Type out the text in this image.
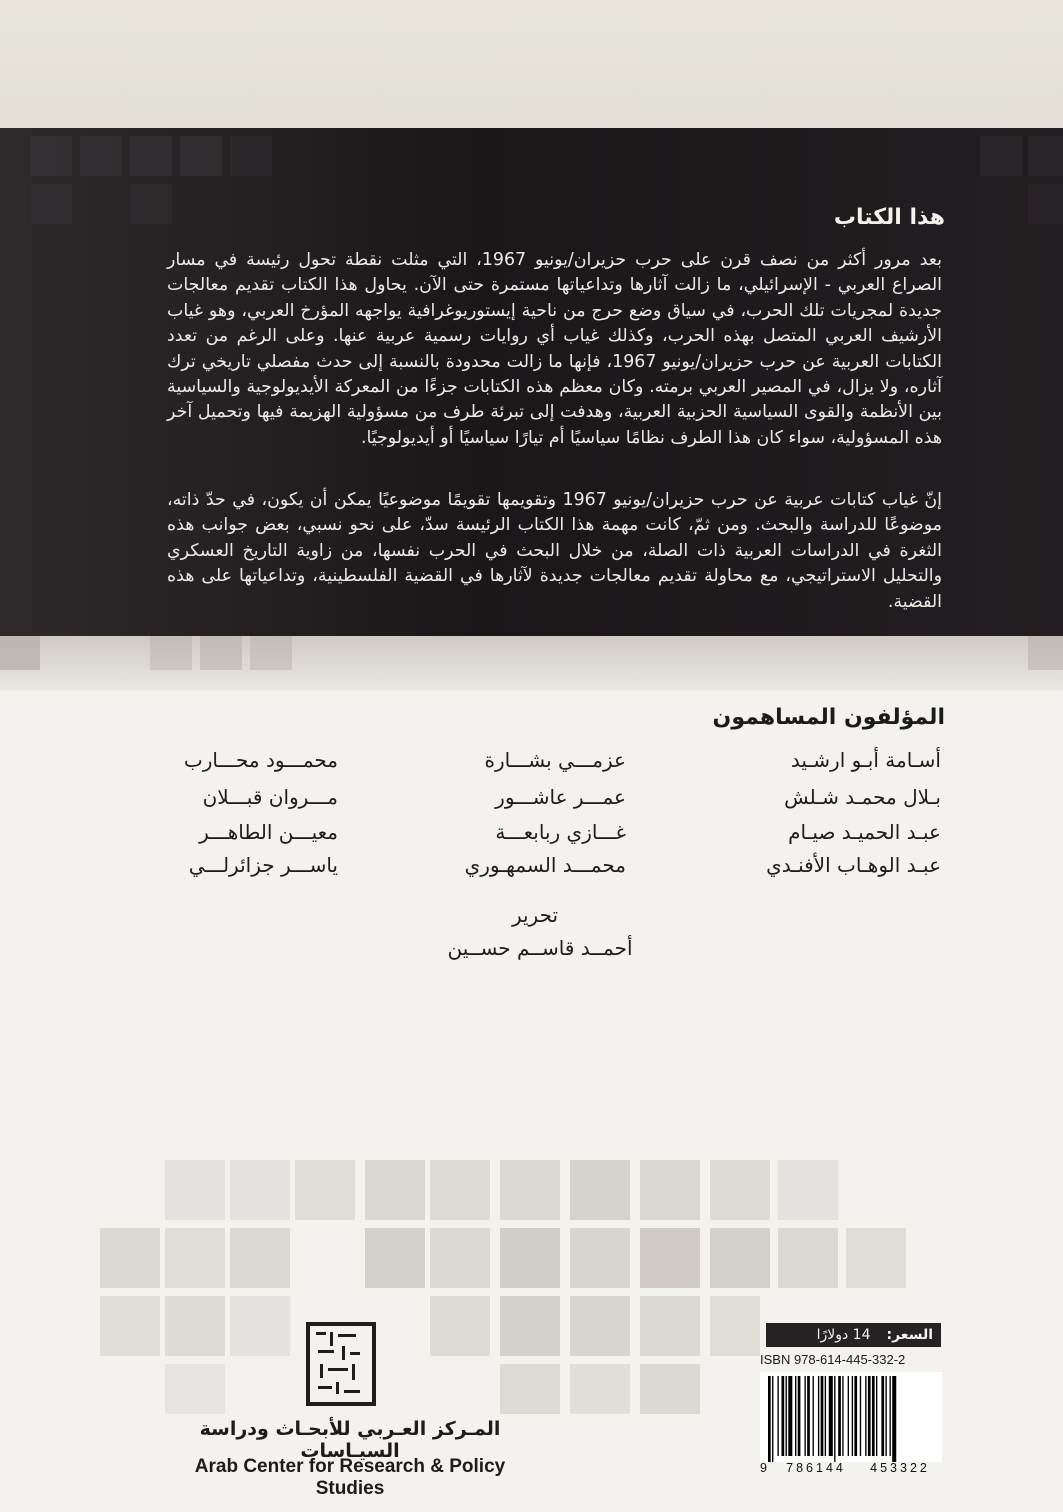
هذا الكتاب
بعد مرور أكثر من نصف قرن على حرب حزيران/يونيو 1967، التي مثلت نقطة تحول رئيسة في مسار الصراع العربي - الإسرائيلي، ما زالت آثارها وتداعياتها مستمرة حتى الآن. يحاول هذا الكتاب تقديم معالجات جديدة لمجريات تلك الحرب، في سياق وضع حرج من ناحية إيستوريوغرافية يواجهه المؤرخ العربي، وهو غياب الأرشيف العربي المتصل بهذه الحرب، وكذلك غياب أي روايات رسمية عربية عنها. وعلى الرغم من تعدد الكتابات العربية عن حرب حزيران/يونيو 1967، فإنها ما زالت محدودة بالنسبة إلى حدث مفصلي تاريخي ترك آثاره، ولا يزال، في المصير العربي برمته. وكان معظم هذه الكتابات جزءًا من المعركة الأيديولوجية والسياسية بين الأنظمة والقوى السياسية الحزبية العربية، وهدفت إلى تبرئة طرف من مسؤولية الهزيمة فيها وتحميل آخر هذه المسؤولية، سواء كان هذا الطرف نظامًا سياسيًا أم تيارًا سياسيًا أو أيديولوجيًا.
إنّ غياب كتابات عربية عن حرب حزيران/يونيو 1967 وتقويمها تقويمًا موضوعيًا يمكن أن يكون، في حدّ ذاته، موضوعًا للدراسة والبحث. ومن ثمّ، كانت مهمة هذا الكتاب الرئيسة سدّ، على نحو نسبي، بعض جوانب هذه الثغرة في الدراسات العربية ذات الصلة، من خلال البحث في الحرب نفسها، من زاوية التاريخ العسكري والتحليل الاستراتيجي، مع محاولة تقديم معالجات جديدة لآثارها في القضية الفلسطينية، وتداعياتها على هذه القضية.
المؤلفون المساهمون
أسـامة أبـو ارشـيد
عزمـــي بشـــارة
محمـــود محـــارب
بـلال محمـد شـلش
عمـــر عاشـــور
مـــروان قبـــلان
عبـد الحميـد صيـام
غـــازي ربابعـــة
معيـــن الطاهـــر
عبـد الوهـاب الأفنـدي
محمـــد السمهـوري
ياســـر جزائرلـــي
تحرير
أحمــد قاســم حســين
المـركز العـربي للأبحـاث ودراسة السيـاسات
Arab Center for Research & Policy Studies
السعر:
14 دولارًا
ISBN 978-614-445-332-2
9	786144	453322
